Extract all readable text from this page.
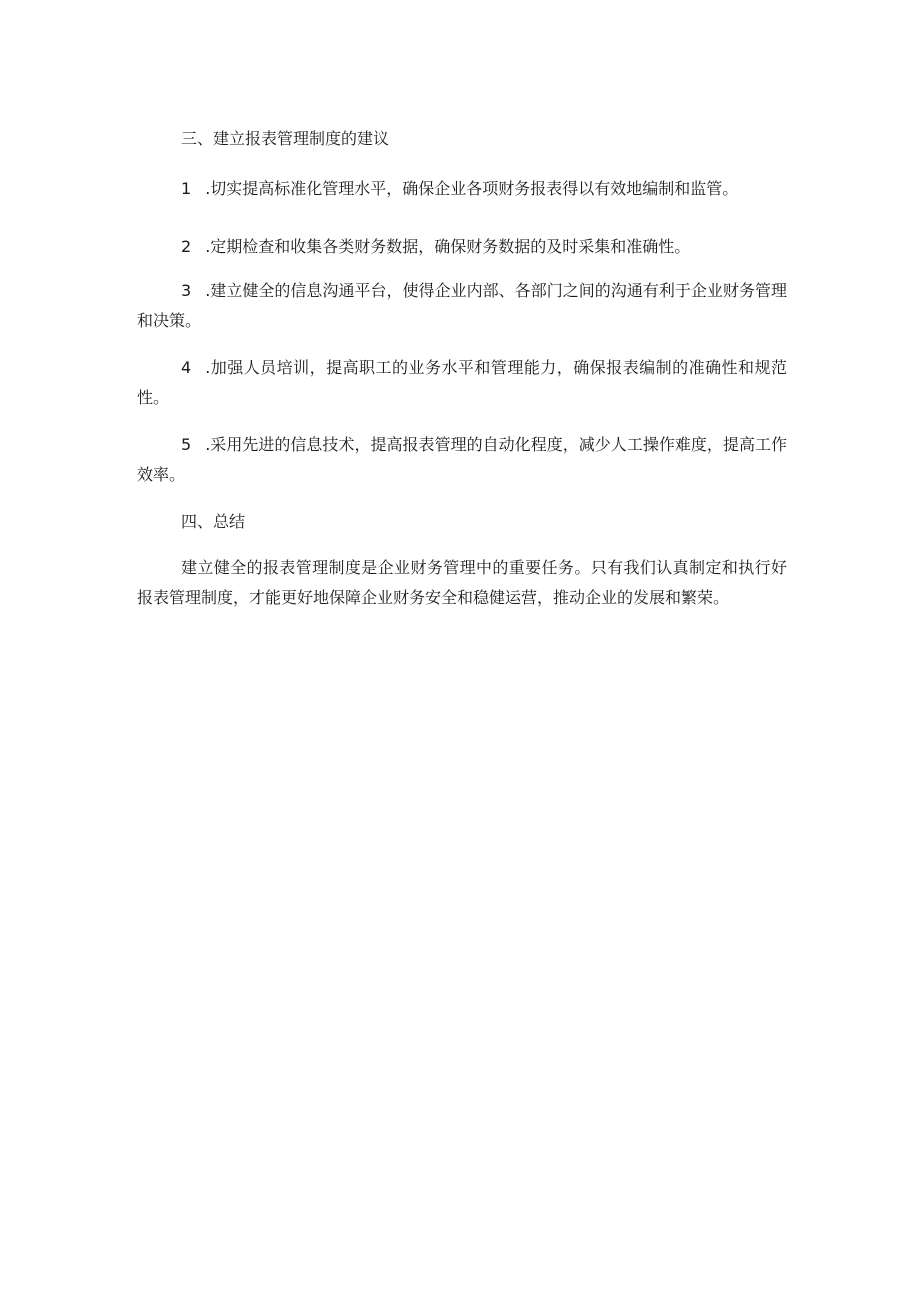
三、建立报表管理制度的建议

1 .切实提高标准化管理水平，确保企业各项财务报表得以有效地编制和监管。

2 .定期检查和收集各类财务数据，确保财务数据的及时采集和准确性。

3 .建立健全的信息沟通平台，使得企业内部、各部门之间的沟通有利于企业财务管理和决策。

4 .加强人员培训，提高职工的业务水平和管理能力，确保报表编制的准确性和规范性。

5 .采用先进的信息技术，提高报表管理的自动化程度，减少人工操作难度，提高工作效率。

四、总结

建立健全的报表管理制度是企业财务管理中的重要任务。只有我们认真制定和执行好报表管理制度，才能更好地保障企业财务安全和稳健运营，推动企业的发展和繁荣。
